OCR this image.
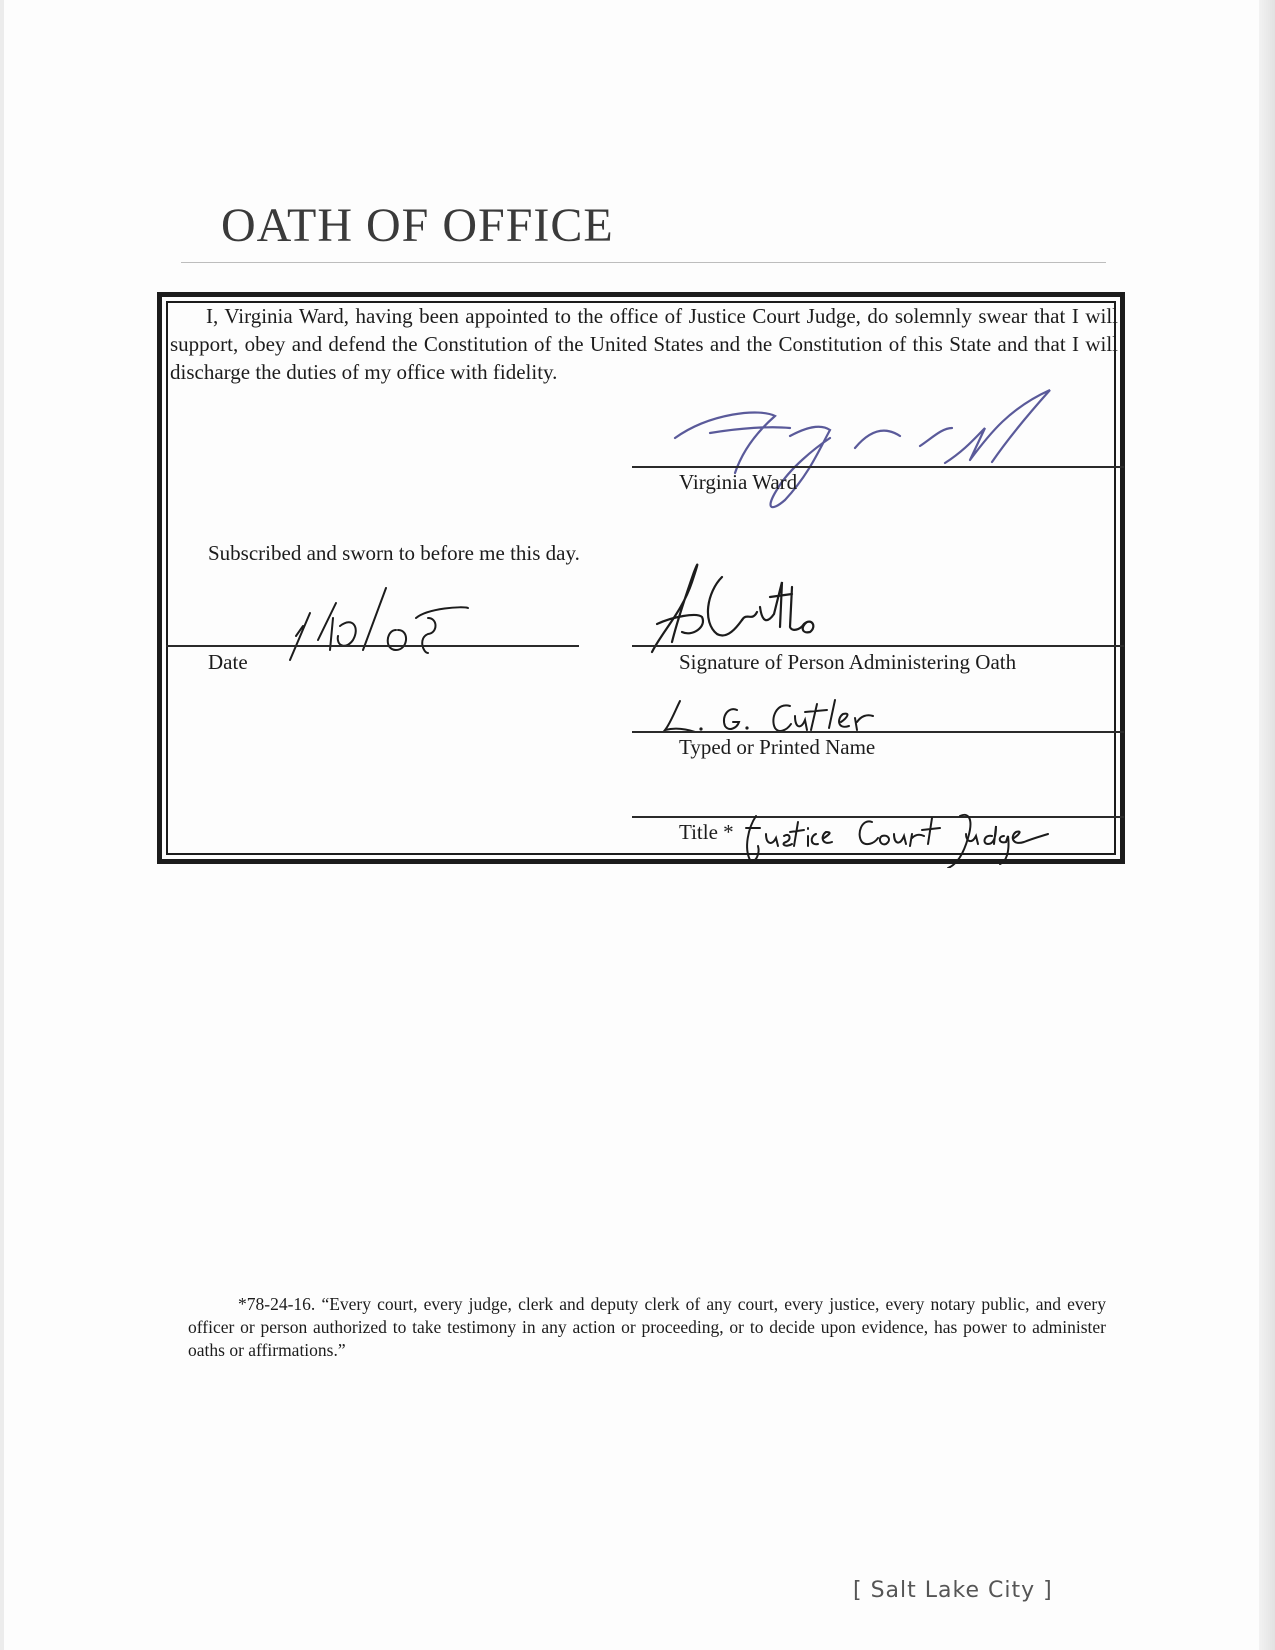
OATH OF OFFICE

I, Virginia Ward, having been appointed to the office of Justice Court Judge, do solemnly swear that I will support, obey and defend the Constitution of the United States and the Constitution of this State and that I will discharge the duties of my office with fidelity.

Virginia Ward
Subscribed and sworn to before me this day.
Date	Signature of Person Administering Oath
Typed or Printed Name
Title *

*78-24-16. “Every court, every judge, clerk and deputy clerk of any court, every justice, every notary public, and every officer or person authorized to take testimony in any action or proceeding, or to decide upon evidence, has power to administer oaths or affirmations.”

[ Salt Lake City ]
